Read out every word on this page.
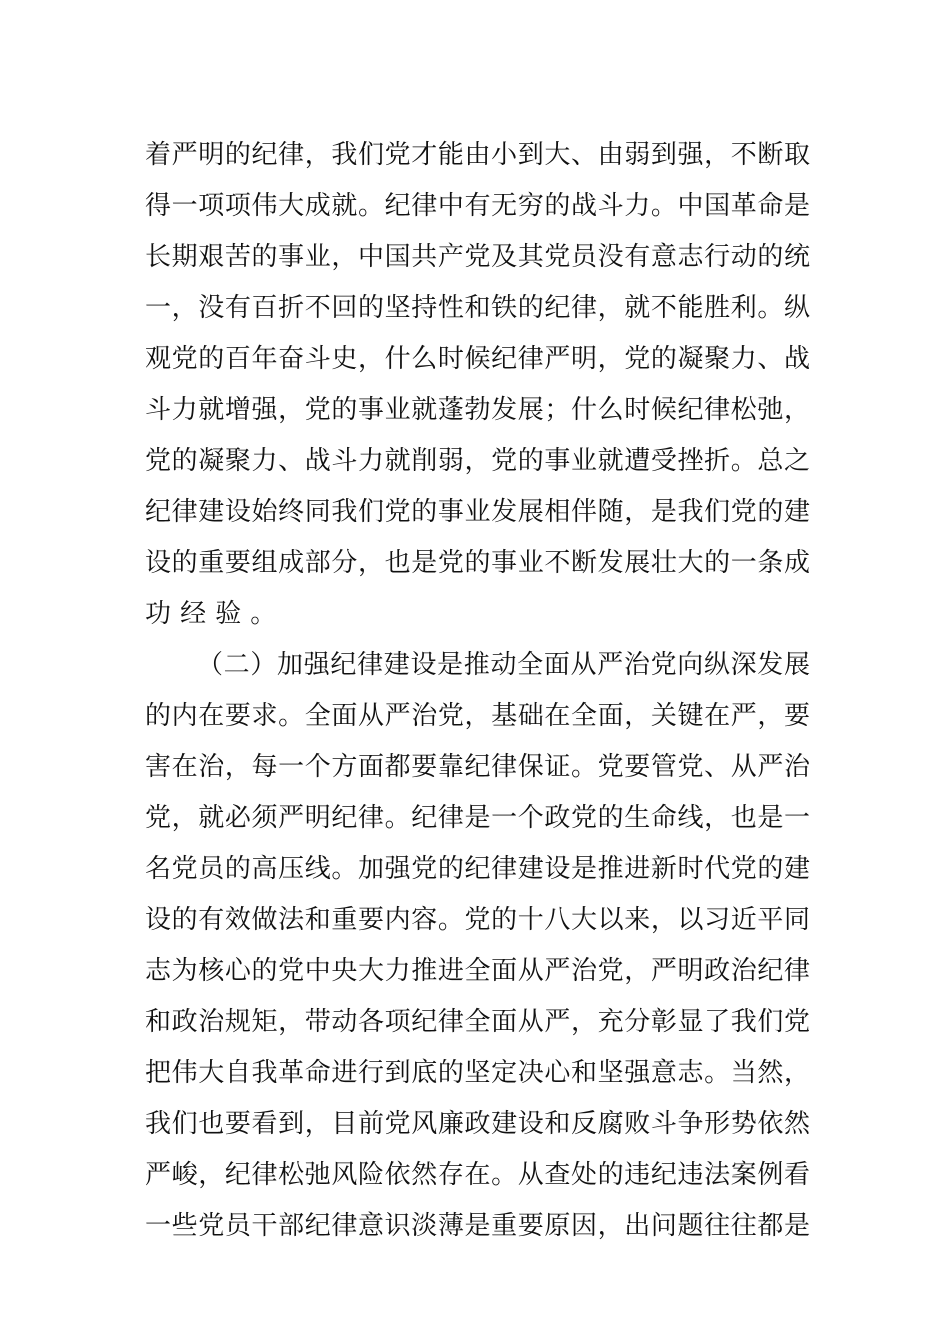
着严明的纪律，我们党才能由小到大、由弱到强，不断取
得一项项伟大成就。纪律中有无穷的战斗力。中国革命是
长期艰苦的事业，中国共产党及其党员没有意志行动的统
一，没有百折不回的坚持性和铁的纪律，就不能胜利。纵
观党的百年奋斗史，什么时候纪律严明，党的凝聚力、战
斗力就增强，党的事业就蓬勃发展；什么时候纪律松弛，
党的凝聚力、战斗力就削弱，党的事业就遭受挫折。总之
纪律建设始终同我们党的事业发展相伴随，是我们党的建
设的重要组成部分，也是党的事业不断发展壮大的一条成
功经验。
（二）加强纪律建设是推动全面从严治党向纵深发展
的内在要求。全面从严治党，基础在全面，关键在严，要
害在治，每一个方面都要靠纪律保证。党要管党、从严治
党，就必须严明纪律。纪律是一个政党的生命线，也是一
名党员的高压线。加强党的纪律建设是推进新时代党的建
设的有效做法和重要内容。党的十八大以来，以习近平同
志为核心的党中央大力推进全面从严治党，严明政治纪律
和政治规矩，带动各项纪律全面从严，充分彰显了我们党
把伟大自我革命进行到底的坚定决心和坚强意志。当然，
我们也要看到，目前党风廉政建设和反腐败斗争形势依然
严峻，纪律松弛风险依然存在。从查处的违纪违法案例看
一些党员干部纪律意识淡薄是重要原因，出问题往往都是
